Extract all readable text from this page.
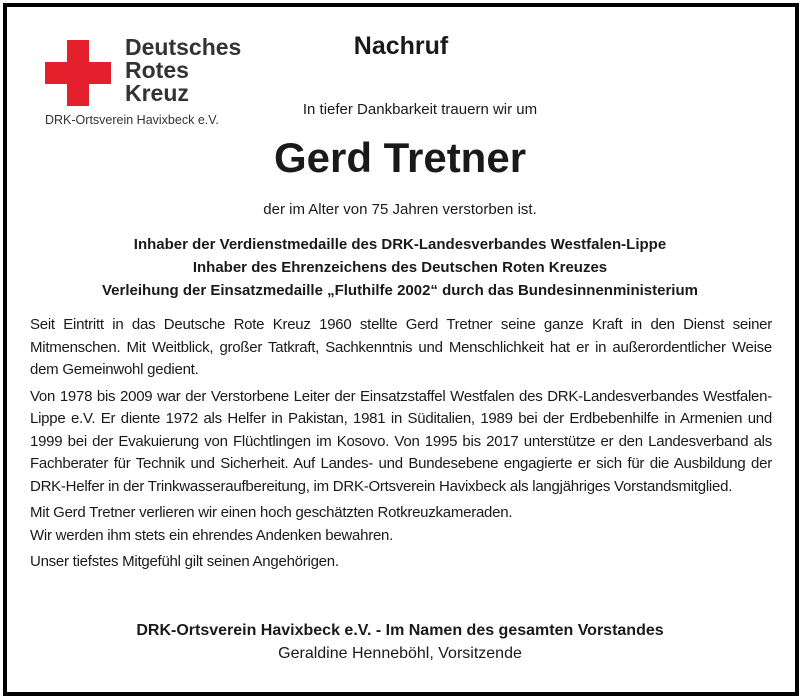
Deutsches
Rotes
Kreuz
DRK-Ortsverein Havixbeck e.V.
Nachruf
In tiefer Dankbarkeit trauern wir um
Gerd Tretner
der im Alter von 75 Jahren verstorben ist.
Inhaber der Verdienstmedaille des DRK-Landesverbandes Westfalen-Lippe
Inhaber des Ehrenzeichens des Deutschen Roten Kreuzes
Verleihung der Einsatzmedaille „Fluthilfe 2002“ durch das Bundesinnenministerium

Seit Eintritt in das Deutsche Rote Kreuz 1960 stellte Gerd Tretner seine ganze Kraft in den Dienst seiner Mitmenschen. Mit Weitblick, großer Tatkraft, Sachkenntnis und Menschlichkeit hat er in außerordentlicher Weise dem Gemeinwohl gedient.

Von 1978 bis 2009 war der Verstorbene Leiter der Einsatzstaffel Westfalen des DRK-Landesverbandes Westfalen-Lippe e.V. Er diente 1972 als Helfer in Pakistan, 1981 in Süditalien, 1989 bei der Erdbebenhilfe in Armenien und 1999 bei der Evakuierung von Flüchtlingen im Kosovo. Von 1995 bis 2017 unterstütze er den Landesverband als Fachberater für Technik und Sicherheit. Auf Landes- und Bundesebene engagierte er sich für die Ausbildung der DRK-Helfer in der Trinkwasseraufbereitung, im DRK-Ortsverein Havixbeck als langjähriges Vorstandsmitglied.

Mit Gerd Tretner verlieren wir einen hoch geschätzten Rotkreuzkameraden.

Wir werden ihm stets ein ehrendes Andenken bewahren.

Unser tiefstes Mitgefühl gilt seinen Angehörigen.

DRK-Ortsverein Havixbeck e.V. - Im Namen des gesamten Vorstandes
Geraldine Henneböhl, Vorsitzende
